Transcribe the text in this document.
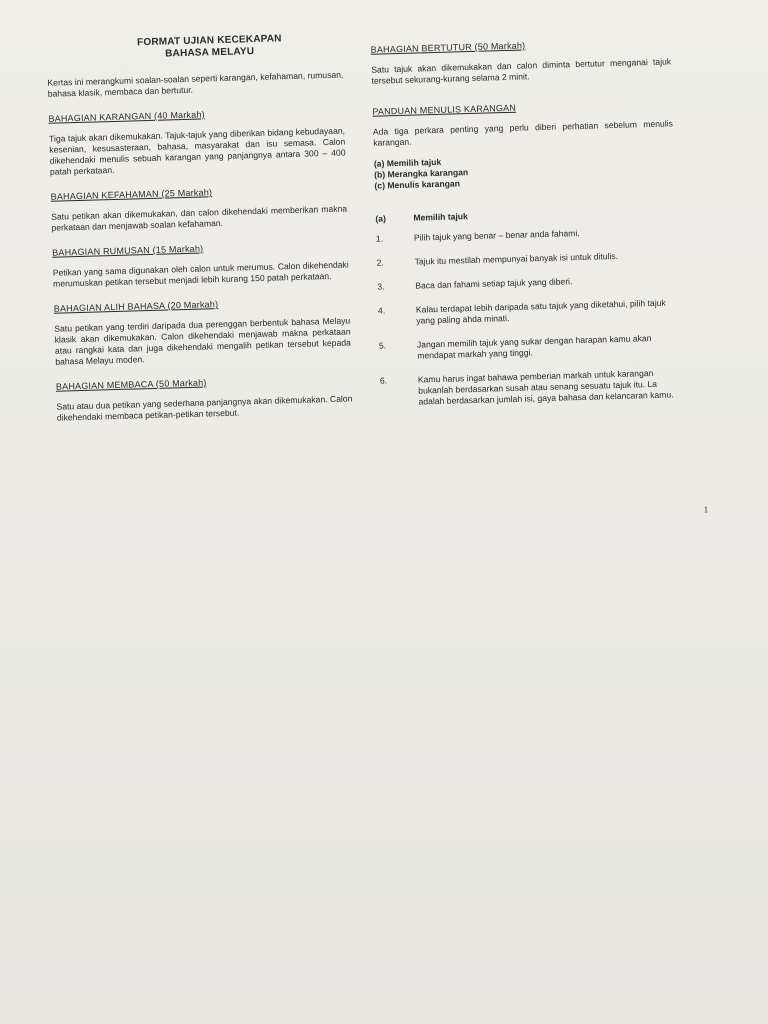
FORMAT UJIAN KECEKAPAN
BAHASA MELAYU

Kertas ini merangkumi soalan-soalan seperti karangan, kefahaman, rumusan, bahasa klasik, membaca dan bertutur.

BAHAGIAN KARANGAN (40 Markah)

Tiga tajuk akan dikemukakan. Tajuk-tajuk yang diberikan bidang kebudayaan, kesenian, kesusasteraan, bahasa, masyarakat dan isu semasa. Calon dikehendaki menulis sebuah karangan yang panjangnya antara 300 – 400 patah perkataan.

BAHAGIAN KEFAHAMAN (25 Markah)

Satu petikan akan dikemukakan, dan calon dikehendaki memberikan makna perkataan dan menjawab soalan kefahaman.

BAHAGIAN RUMUSAN (15 Markah)

Petikan yang sama digunakan oleh calon untuk merumus. Calon dikehendaki merumuskan petikan tersebut menjadi lebih kurang 150 patah perkataan.

BAHAGIAN ALIH BAHASA (20 Markah)

Satu petikan yang terdiri daripada dua perenggan berbentuk bahasa Melayu klasik akan dikemukakan. Calon dikehendaki menjawab makna perkataan atau rangkai kata dan juga dikehendaki mengalih petikan tersebut kepada bahasa Melayu moden.

BAHAGIAN MEMBACA (50 Markah)

Satu atau dua petikan yang sederhana panjangnya akan dikemukakan. Calon dikehendaki membaca petikan-petikan tersebut.

BAHAGIAN BERTUTUR (50 Markah)

Satu tajuk akan dikemukakan dan calon diminta bertutur menganai tajuk tersebut sekurang-kurang selama 2 minit.

PANDUAN MENULIS KARANGAN

Ada tiga perkara penting yang perlu diberi perhatian sebelum menulis karangan.

(a) Memilih tajuk
(b) Merangka karangan
(c) Menulis karangan
(a)	Memilih tajuk
1.	Pilih tajuk yang benar – benar anda fahami.
2.	Tajuk itu mestilah mempunyai banyak isi untuk ditulis.
3.	Baca dan fahami setiap tajuk yang diberi.
4.	Kalau terdapat lebih daripada satu tajuk yang diketahui, pilih tajuk yang paling ahda minati.
5.	Jangan memilih tajuk yang sukar dengan harapan kamu akan mendapat markah yang tinggi.
6.	Kamu harus ingat bahawa pemberian markah untuk karangan bukanlah berdasarkan susah atau senang sesuatu tajuk itu. La adalah berdasarkan jumlah isi, gaya bahasa dan kelancaran kamu.
1
